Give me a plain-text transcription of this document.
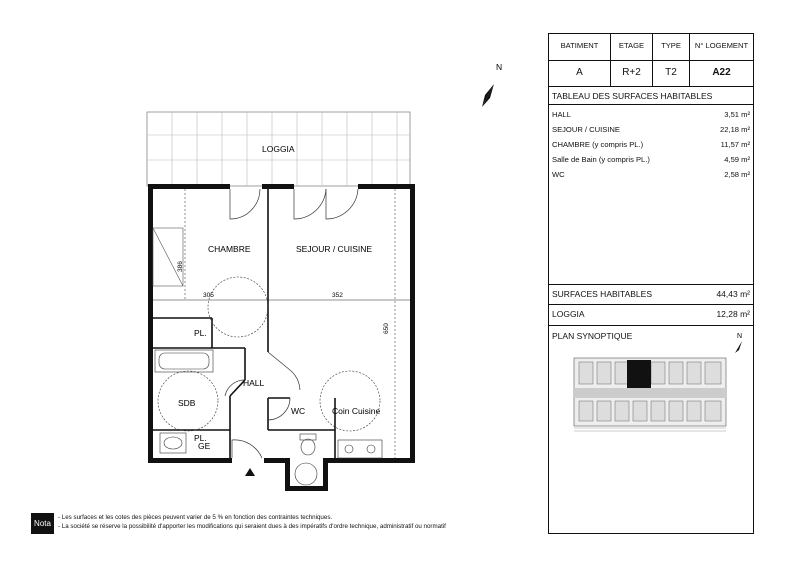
N
305	352
386
650
LOGGIA
CHAMBRE	SEJOUR / CUISINE
HALL
SDB
WC	Coin Cuisine
PL.
PL.
GE
BATIMENT	ETAGE	TYPE	N° LOGEMENT
A	R+2	T2	A22
TABLEAU DES SURFACES HABITABLES
HALL	3,51 m²
SEJOUR / CUISINE	22,18 m²
CHAMBRE (y compris PL.)	11,57 m²
Salle de Bain (y compris PL.)	4,59 m²
WC	2,58 m²
SURFACES HABITABLES	44,43 m²
LOGGIA	12,28 m²
PLAN SYNOPTIQUE	N
Nota
- Les surfaces et les cotes des pièces peuvent varier de 5 % en fonction des contraintes techniques.
- La société se réserve la possibilité d'apporter les modifications qui seraient dues à des impératifs d'ordre technique, administratif ou normatif
